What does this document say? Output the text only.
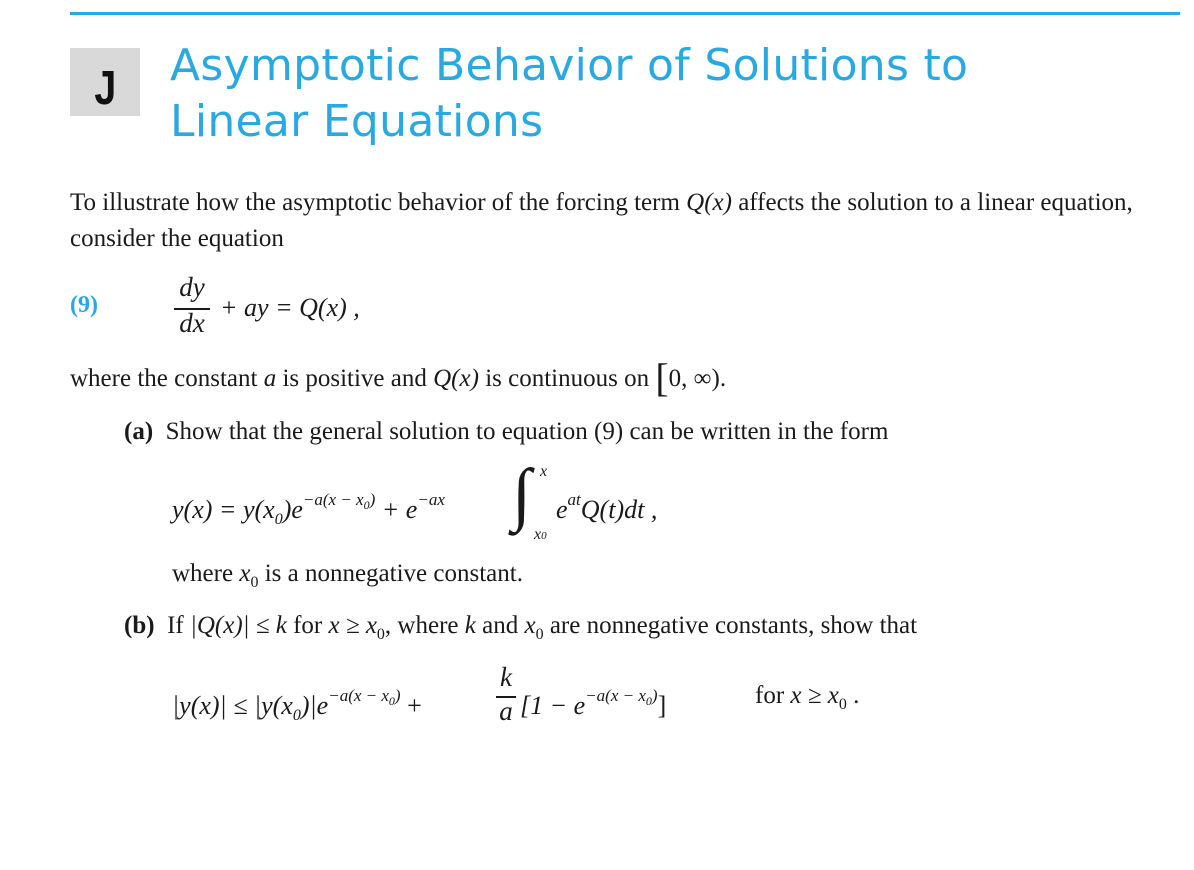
J Asymptotic Behavior of Solutions to
Linear Equations
To illustrate how the asymptotic behavior of the forcing term Q(x) affects the solution to a linear equation, consider the equation
(9)
dy
dx
+ ay = Q(x) ,
where the constant a is positive and Q(x) is continuous on [0, ∞).
(a) Show that the general solution to equation (9) can be written in the form
$y(x) = y(x_0)e^{-a(x - x0)} + e^{-ax}$ ∫ x
x0
$e^{at}Q(t)dt$ ,
where $x_0$ is a nonnegative constant.
(b) If |Q(x)| ≤ k for $x \ge x_0$, where k and $x_0$ are nonnegative constants, show that
$|y(x)| \le |y(x_0)|e^{-a(x - x0)}$ +
k
a $[1 - e^{-a(x - x0)}]$	for $x \ge x_0$ .
